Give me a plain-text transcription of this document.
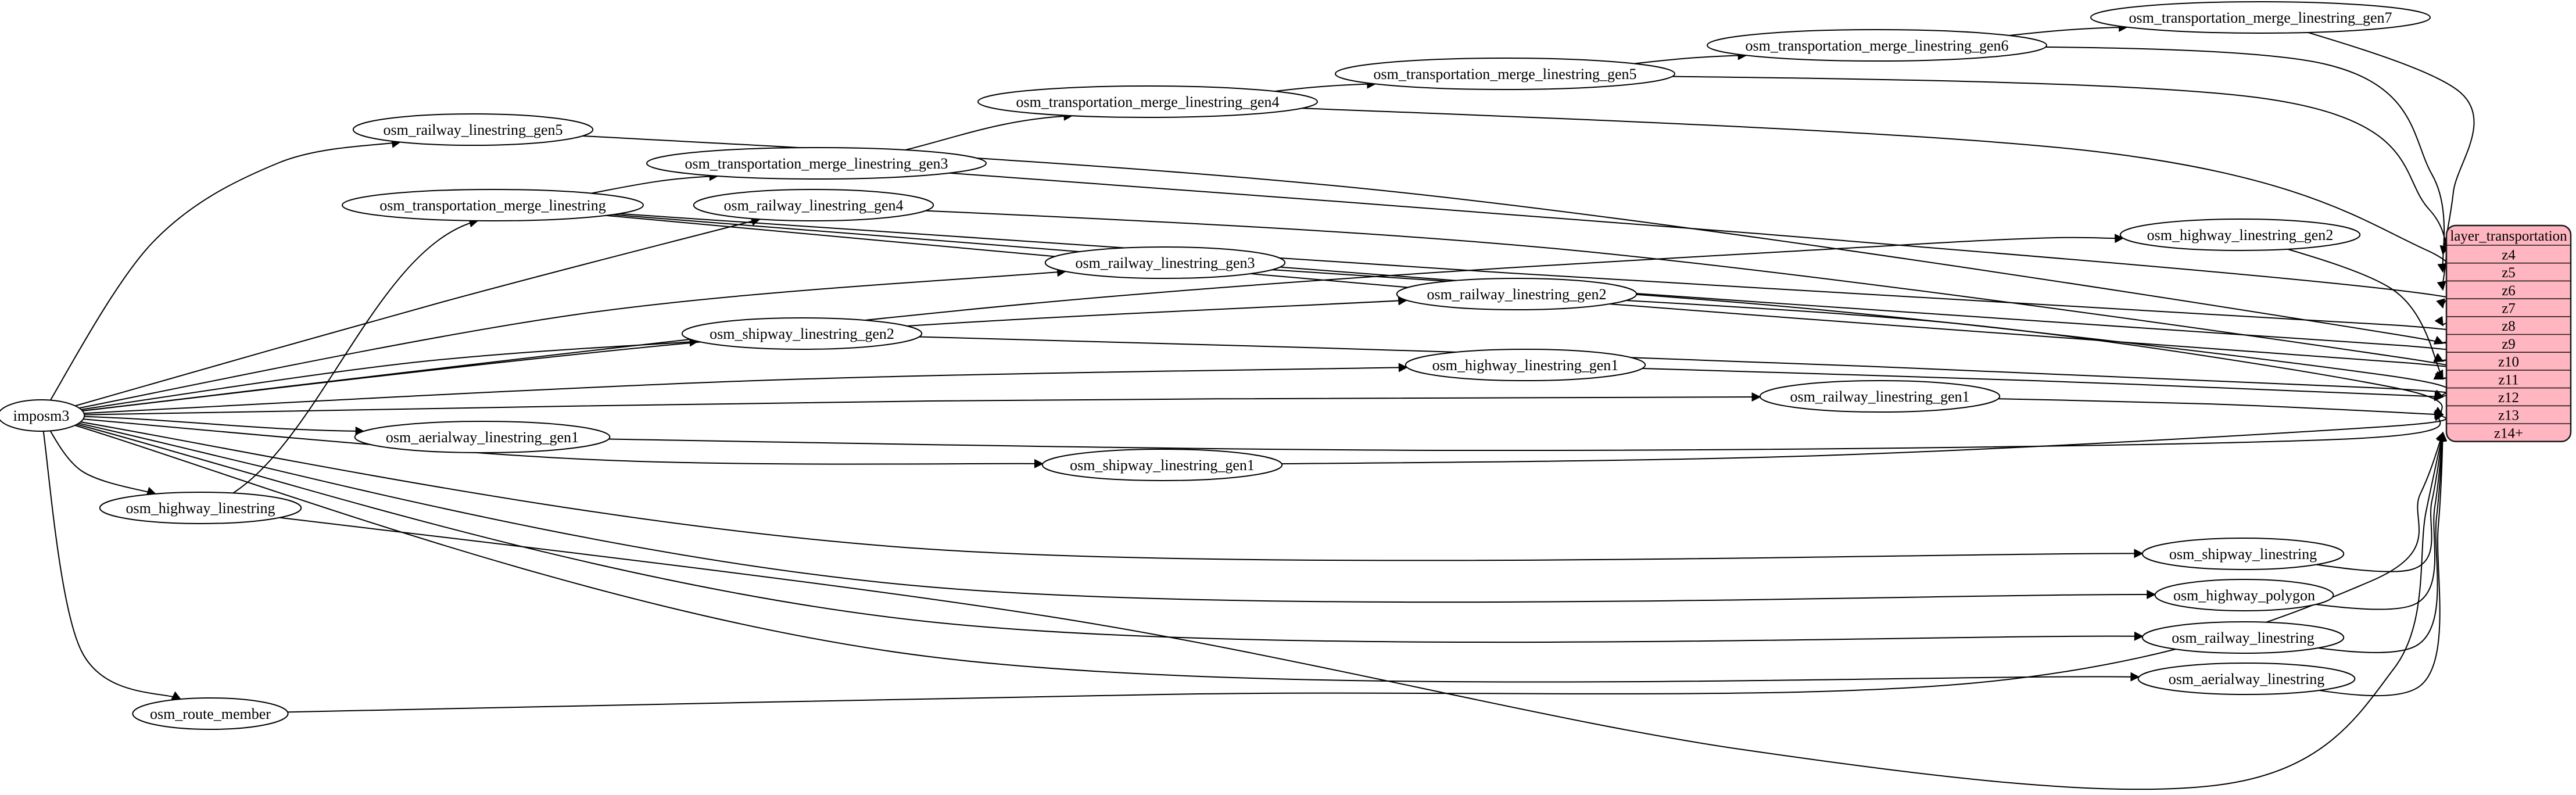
imposm3
osm_railway_linestring_gen5
osm_transportation_merge_linestring_gen3
osm_transportation_merge_linestring	osm_railway_linestring_gen4
osm_transportation_merge_linestring_gen4
osm_transportation_merge_linestring_gen5
osm_transportation_merge_linestring_gen6
osm_transportation_merge_linestring_gen7
osm_highway_linestring_gen2
osm_railway_linestring_gen3
osm_railway_linestring_gen2
osm_shipway_linestring_gen2
osm_highway_linestring_gen1
osm_railway_linestring_gen1
osm_aerialway_linestring_gen1
osm_shipway_linestring_gen1
osm_highway_linestring
osm_shipway_linestring
osm_highway_polygon
osm_railway_linestring
osm_aerialway_linestring
osm_route_member
layer_transportation
z4
z5
z6
z7
z8
z9
z10
z11
z12
z13
z14+
